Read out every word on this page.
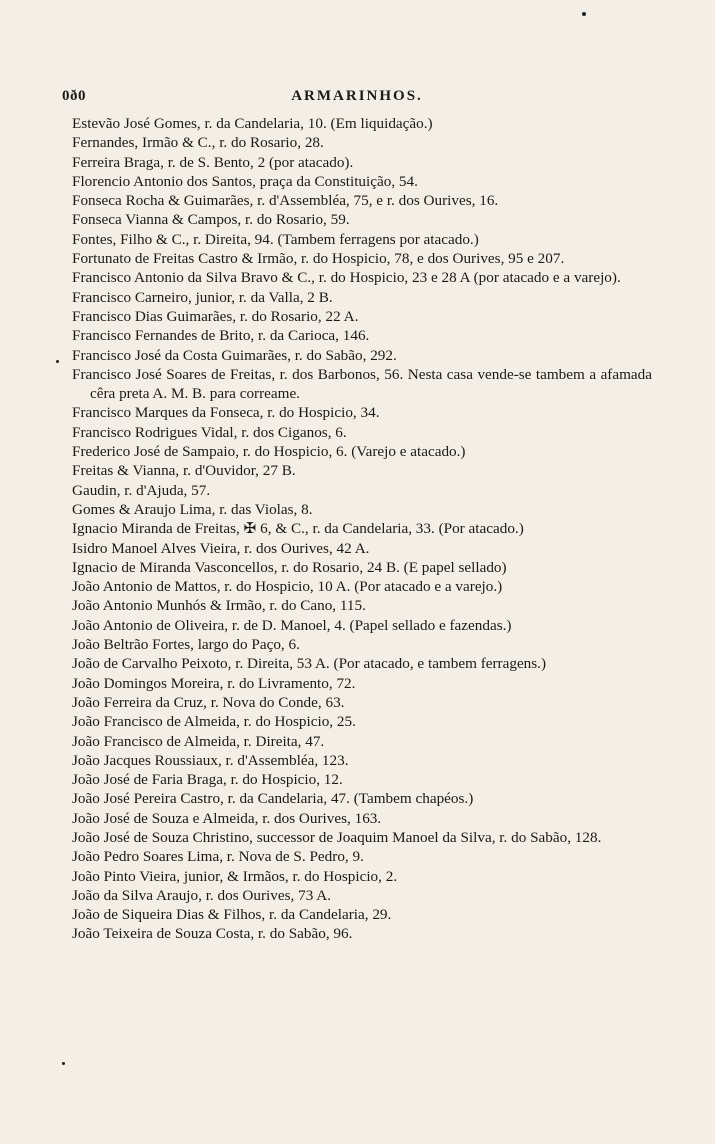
0ð0	ARMARINHOS.

Estevão José Gomes, r. da Candelaria, 10. (Em liquidação.)

Fernandes, Irmão & C., r. do Rosario, 28.

Ferreira Braga, r. de S. Bento, 2 (por atacado).

Florencio Antonio dos Santos, praça da Constituição, 54.

Fonseca Rocha & Guimarães, r. d'Assembléa, 75, e r. dos Ourives, 16.

Fonseca Vianna & Campos, r. do Rosario, 59.

Fontes, Filho & C., r. Direita, 94. (Tambem ferragens por atacado.)

Fortunato de Freitas Castro & Irmão, r. do Hospicio, 78, e dos Ourives, 95 e 207.

Francisco Antonio da Silva Bravo & C., r. do Hospicio, 23 e 28 A (por atacado e a varejo).

Francisco Carneiro, junior, r. da Valla, 2 B.

Francisco Dias Guimarães, r. do Rosario, 22 A.

Francisco Fernandes de Brito, r. da Carioca, 146.

Francisco José da Costa Guimarães, r. do Sabão, 292.

Francisco José Soares de Freitas, r. dos Barbonos, 56. Nesta casa vende-se tambem a afamada cêra preta A. M. B. para correame.

Francisco Marques da Fonseca, r. do Hospicio, 34.

Francisco Rodrigues Vidal, r. dos Ciganos, 6.

Frederico José de Sampaio, r. do Hospicio, 6. (Varejo e atacado.)

Freitas & Vianna, r. d'Ouvidor, 27 B.

Gaudin, r. d'Ajuda, 57.

Gomes & Araujo Lima, r. das Violas, 8.

Ignacio Miranda de Freitas, ✠ 6, & C., r. da Candelaria, 33. (Por atacado.)

Isidro Manoel Alves Vieira, r. dos Ourives, 42 A.

Ignacio de Miranda Vasconcellos, r. do Rosario, 24 B. (E papel sellado)

João Antonio de Mattos, r. do Hospicio, 10 A. (Por atacado e a varejo.)

João Antonio Munhós & Irmão, r. do Cano, 115.

João Antonio de Oliveira, r. de D. Manoel, 4. (Papel sellado e fazendas.)

João Beltrão Fortes, largo do Paço, 6.

João de Carvalho Peixoto, r. Direita, 53 A. (Por atacado, e tambem ferragens.)

João Domingos Moreira, r. do Livramento, 72.

João Ferreira da Cruz, r. Nova do Conde, 63.

João Francisco de Almeida, r. do Hospicio, 25.

João Francisco de Almeida, r. Direita, 47.

João Jacques Roussiaux, r. d'Assembléa, 123.

João José de Faria Braga, r. do Hospicio, 12.

João José Pereira Castro, r. da Candelaria, 47. (Tambem chapéos.)

João José de Souza e Almeida, r. dos Ourives, 163.

João José de Souza Christino, successor de Joaquim Manoel da Silva, r. do Sabão, 128.

João Pedro Soares Lima, r. Nova de S. Pedro, 9.

João Pinto Vieira, junior, & Irmãos, r. do Hospicio, 2.

João da Silva Araujo, r. dos Ourives, 73 A.

João de Siqueira Dias & Filhos, r. da Candelaria, 29.

João Teixeira de Souza Costa, r. do Sabão, 96.
